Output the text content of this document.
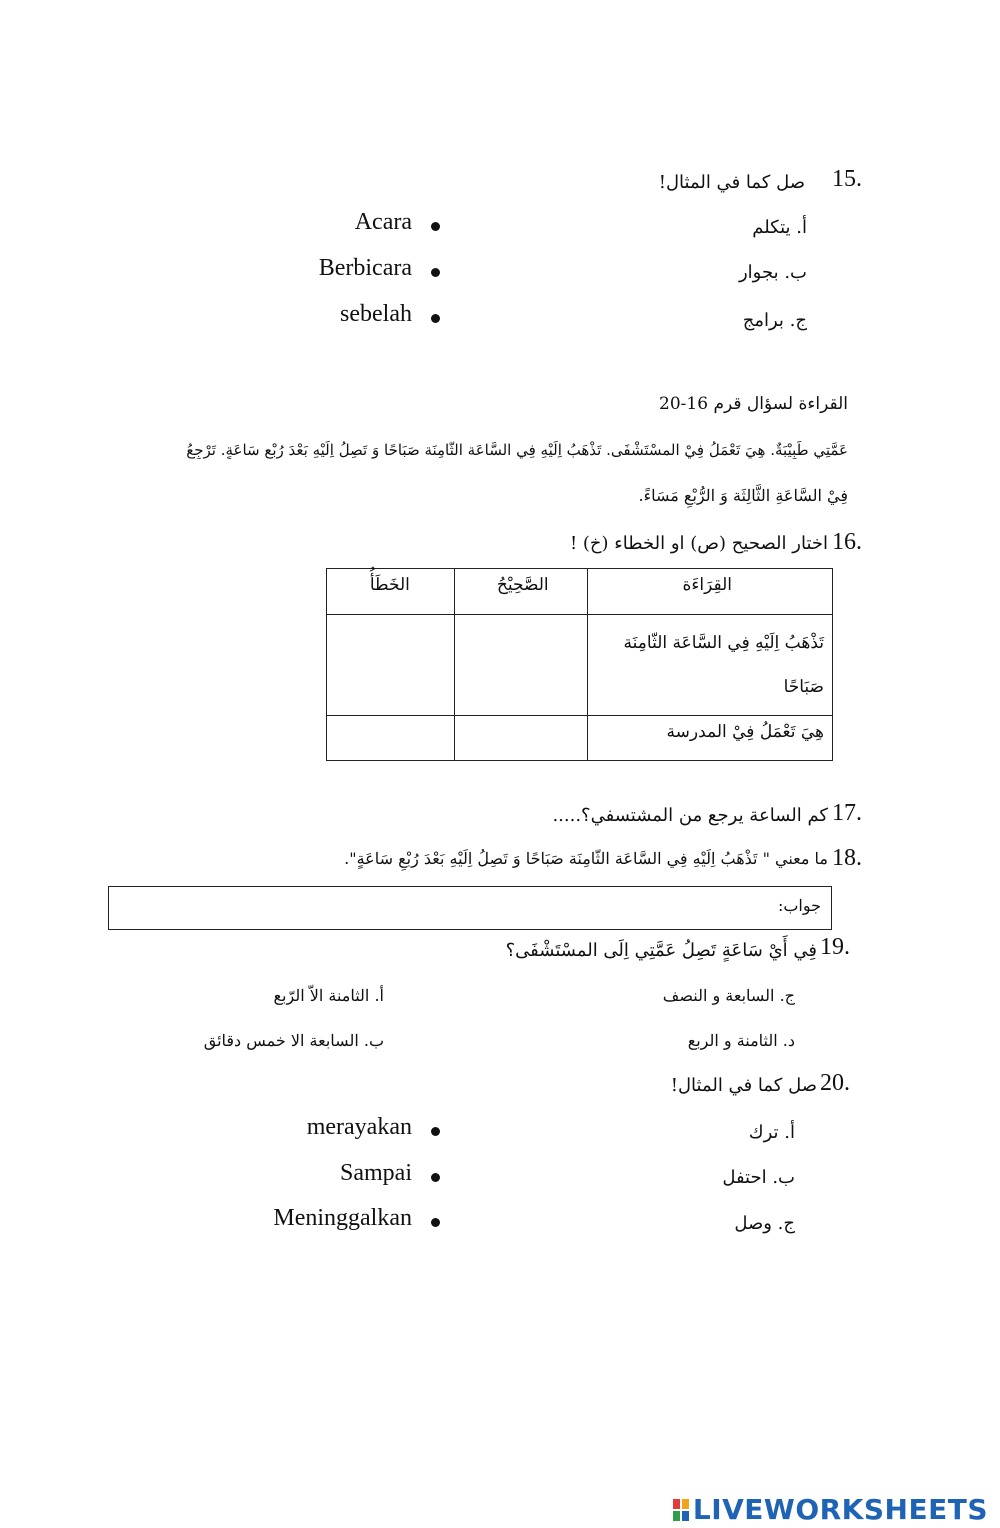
15.
صل كما في المثال!
أ. يتكلم
ب. بجوار
ج. برامج
Acara
Berbicara
sebelah
القراءة لسؤال قرم 16-20
عَمَّتِي طَبِيْبَةٌ. هِيَ تَعْمَلُ فِيْ المسْتَشْفَى. تَذْهَبُ اِلَيْهِ فِي السَّاعَة الثّامِنَة صَبَاحًا وَ تَصِلُ اِلَيْهِ بَعْدَ رُبْعِ سَاعَةٍ. تَرْجِعُ
فِيْ السَّاعَةِ الثَّالِثَة وَ الرُّبْعِ مَسَاءً.
16.
اختار الصحيح (ص) او الخطاء (خ) !
القِرَاءَة	الصَّحِيْحُ	الخَطَأُ
تَذْهَبُ اِلَيْهِ فِي السَّاعَة الثّامِنَة صَبَاحًا		
هِيَ تَعْمَلُ فِيْ المدرسة		
17.
كم الساعة يرجع من المشتسفي؟.....
18.
ما معني " تَذْهَبُ اِلَيْهِ فِي السَّاعَة الثّامِنَة صَبَاحًا وَ تَصِلُ اِلَيْهِ بَعْدَ رُبْعِ سَاعَةٍ".
جواب:
19.
فِي أَيْ سَاعَةٍ تَصِلُ عَمَّتِي اِلَى المسْتَشْفَى؟
أ. الثامنة الاّ الرّبع
ب. السابعة الا خمس دقائق
ج. السابعة و النصف
د. الثامنة و الربع
20.
صل كما في المثال!
أ. ترك
ب. احتفل
ج. وصل
merayakan
Sampai
Meninggalkan
LIVEWORKSHEETS
